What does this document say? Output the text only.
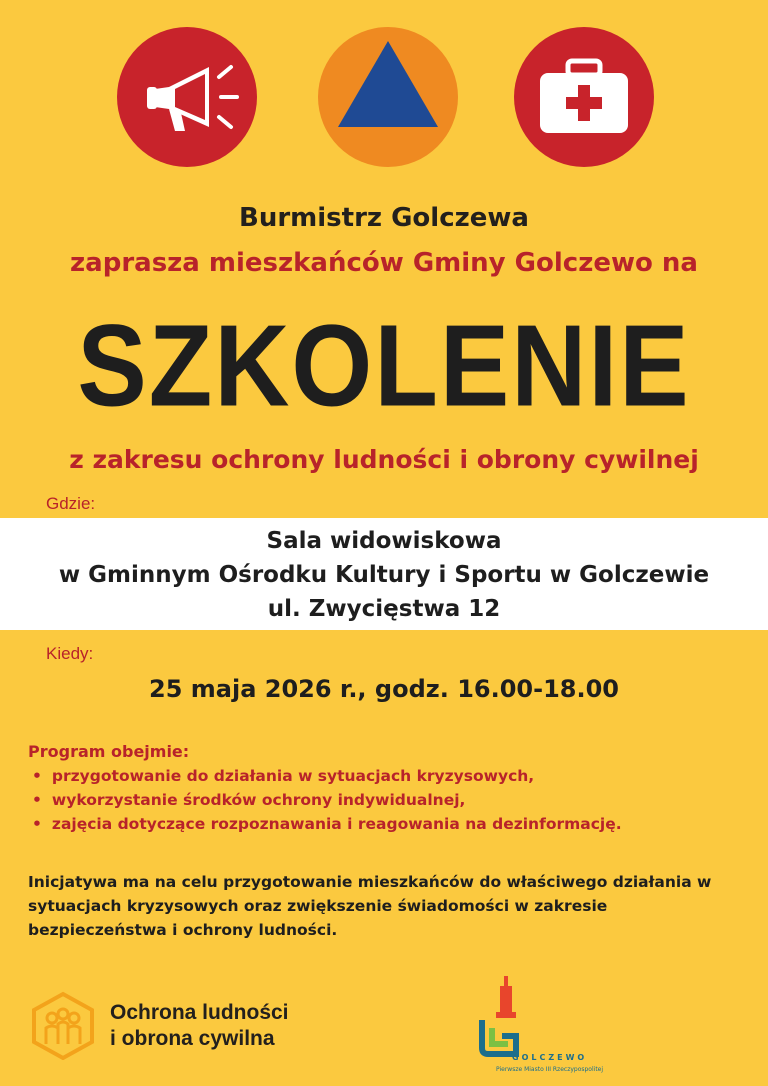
Burmistrz Golczewa
zaprasza mieszkańców Gminy Golczewo na
SZKOLENIE
z zakresu ochrony ludności i obrony cywilnej
Gdzie:
Sala widowiskowa
w Gminnym Ośrodku Kultury i Sportu w Golczewie
ul. Zwycięstwa 12
Kiedy:
25 maja 2026 r., godz. 16.00-18.00
Program obejmie:
• przygotowanie do działania w sytuacjach kryzysowych,
• wykorzystanie środków ochrony indywidualnej,
• zajęcia dotyczące rozpoznawania i reagowania na dezinformację.
Inicjatywa ma na celu przygotowanie mieszkańców do właściwego działania w sytuacjach kryzysowych oraz zwiększenie świadomości w zakresie bezpieczeństwa i ochrony ludności.
Ochrona ludności
i obrona cywilna
GOLCZEWO
Pierwsze Miasto III Rzeczypospolitej
